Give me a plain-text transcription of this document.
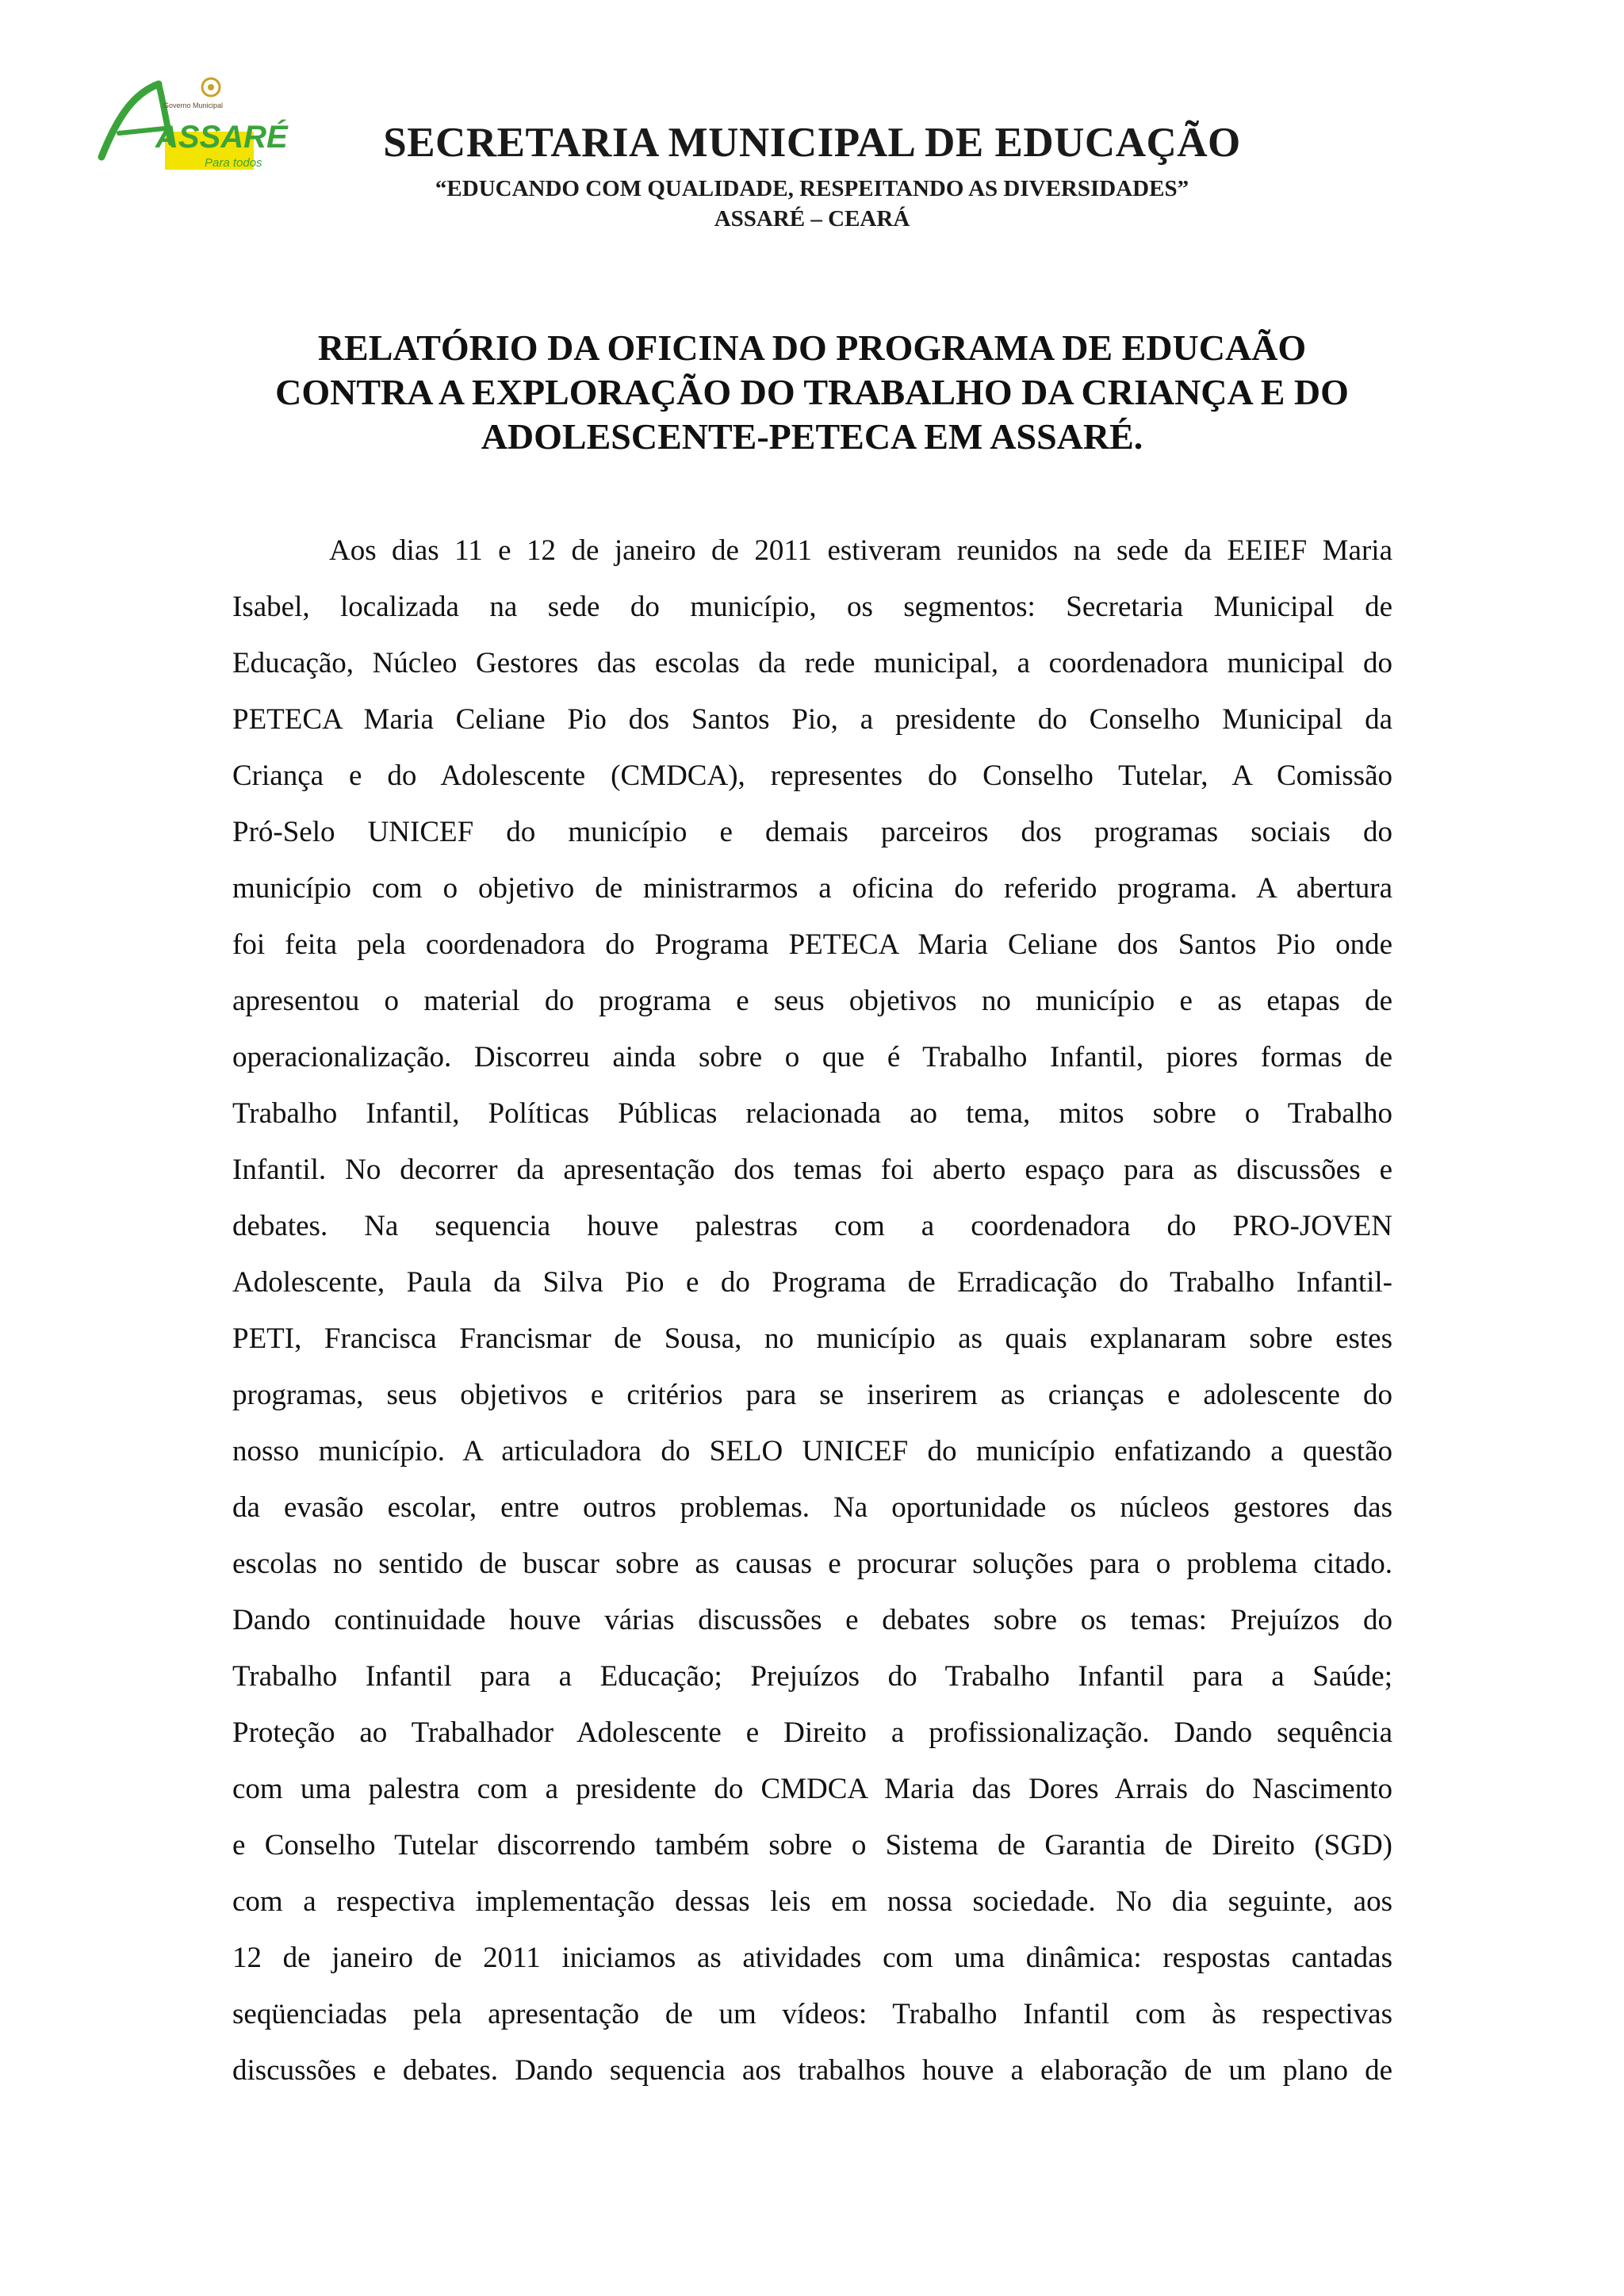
Governo Municipal
ASSARÉ
Para todos	SECRETARIA MUNICIPAL DE EDUCAÇÃO
“EDUCANDO COM QUALIDADE, RESPEITANDO AS DIVERSIDADES”
ASSARÉ – CEARÁ
RELATÓRIO DA OFICINA DO PROGRAMA DE EDUCAÃO
CONTRA A EXPLORAÇÃO DO TRABALHO DA CRIANÇA E DO
ADOLESCENTE-PETECA EM ASSARÉ.
Aos dias 11 e 12 de janeiro de 2011 estiveram reunidos na sede da EEIEF Maria
Isabel, localizada na sede do município, os segmentos: Secretaria Municipal de
Educação, Núcleo Gestores das escolas da rede municipal, a coordenadora municipal do
PETECA Maria Celiane Pio dos Santos Pio, a presidente do Conselho Municipal da
Criança e do Adolescente (CMDCA), representes do Conselho Tutelar, A Comissão
Pró-Selo UNICEF do município e demais parceiros dos programas sociais do
município com o objetivo de ministrarmos a oficina do referido programa. A abertura
foi feita pela coordenadora do Programa PETECA Maria Celiane dos Santos Pio onde
apresentou o material do programa e seus objetivos no município e as etapas de
operacionalização. Discorreu ainda sobre o que é Trabalho Infantil, piores formas de
Trabalho Infantil, Políticas Públicas relacionada ao tema, mitos sobre o Trabalho
Infantil. No decorrer da apresentação dos temas foi aberto espaço para as discussões e
debates. Na sequencia houve palestras com a coordenadora do PRO-JOVEN
Adolescente, Paula da Silva Pio e do Programa de Erradicação do Trabalho Infantil-
PETI, Francisca Francismar de Sousa, no município as quais explanaram sobre estes
programas, seus objetivos e critérios para se inserirem as crianças e adolescente do
nosso município. A articuladora do SELO UNICEF do município enfatizando a questão
da evasão escolar, entre outros problemas. Na oportunidade os núcleos gestores das
escolas no sentido de buscar sobre as causas e procurar soluções para o problema citado.
Dando continuidade houve várias discussões e debates sobre os temas: Prejuízos do
Trabalho Infantil para a Educação; Prejuízos do Trabalho Infantil para a Saúde;
Proteção ao Trabalhador Adolescente e Direito a profissionalização. Dando sequência
com uma palestra com a presidente do CMDCA Maria das Dores Arrais do Nascimento
e Conselho Tutelar discorrendo também sobre o Sistema de Garantia de Direito (SGD)
com a respectiva implementação dessas leis em nossa sociedade. No dia seguinte, aos
12 de janeiro de 2011 iniciamos as atividades com uma dinâmica: respostas cantadas
seqüenciadas pela apresentação de um vídeos: Trabalho Infantil com às respectivas
discussões e debates. Dando sequencia aos trabalhos houve a elaboração de um plano de
